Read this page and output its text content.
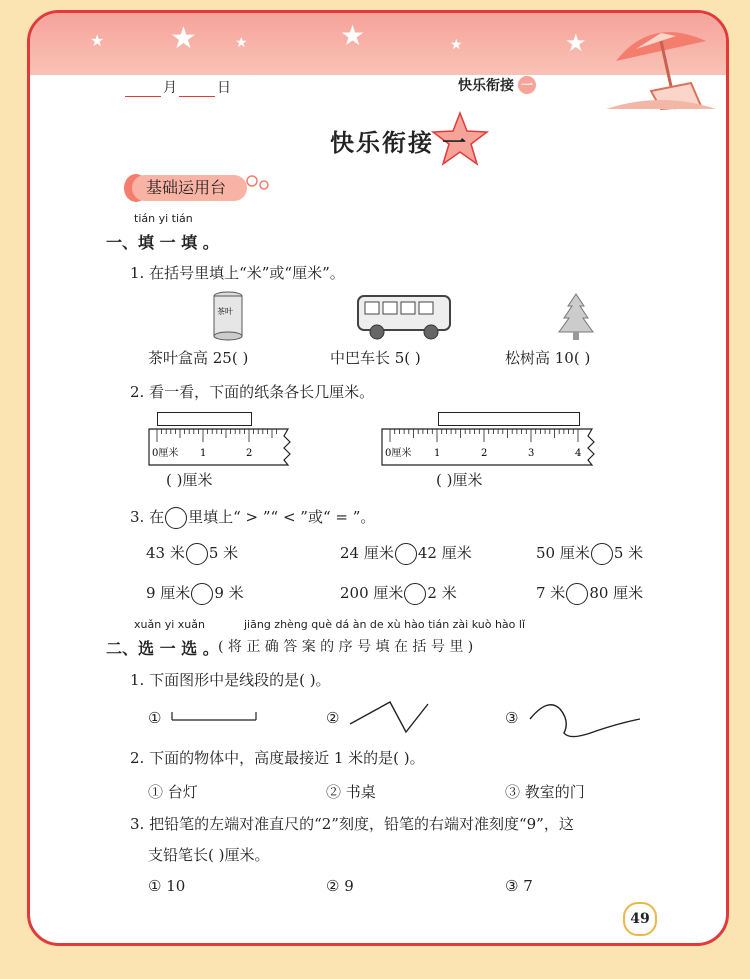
★ ★	★	★	★	★
月	日	快乐衔接 一
快乐衔接 一
基础运用台
tián yi tián
一、填 一 填 。
1. 在括号里填上“米”或“厘米”。
茶叶
茶叶盒高 25( )	中巴车长 5( )	松树高 10( )
2. 看一看，下面的纸条各长几厘米。
0厘米 1	2	0厘米 1	2	3	4
( )厘米	( )厘米
3. 在 里填上“ > ”“ < ”或“ = ”。
43 米 5 米	24 厘米 42 厘米	50 厘米 5 米
9 厘米 9 米	200 厘米 2 米	7 米 80 厘米
xuǎn yi xuǎn	jiāng zhèng què dá àn de xù hào tián zài kuò hào lǐ
二、选 一 选 。 ( 将 正 确 答 案 的 序 号 填 在 括 号 里 )
1. 下面图形中是线段的是( )。
①	②	③
2. 下面的物体中，高度最接近 1 米的是( )。
① 台灯	② 书桌	③ 教室的门
3. 把铅笔的左端对准直尺的“2”刻度，铅笔的右端对准刻度“9”，这
支铅笔长( )厘米。
① 10	② 9	③ 7
49
